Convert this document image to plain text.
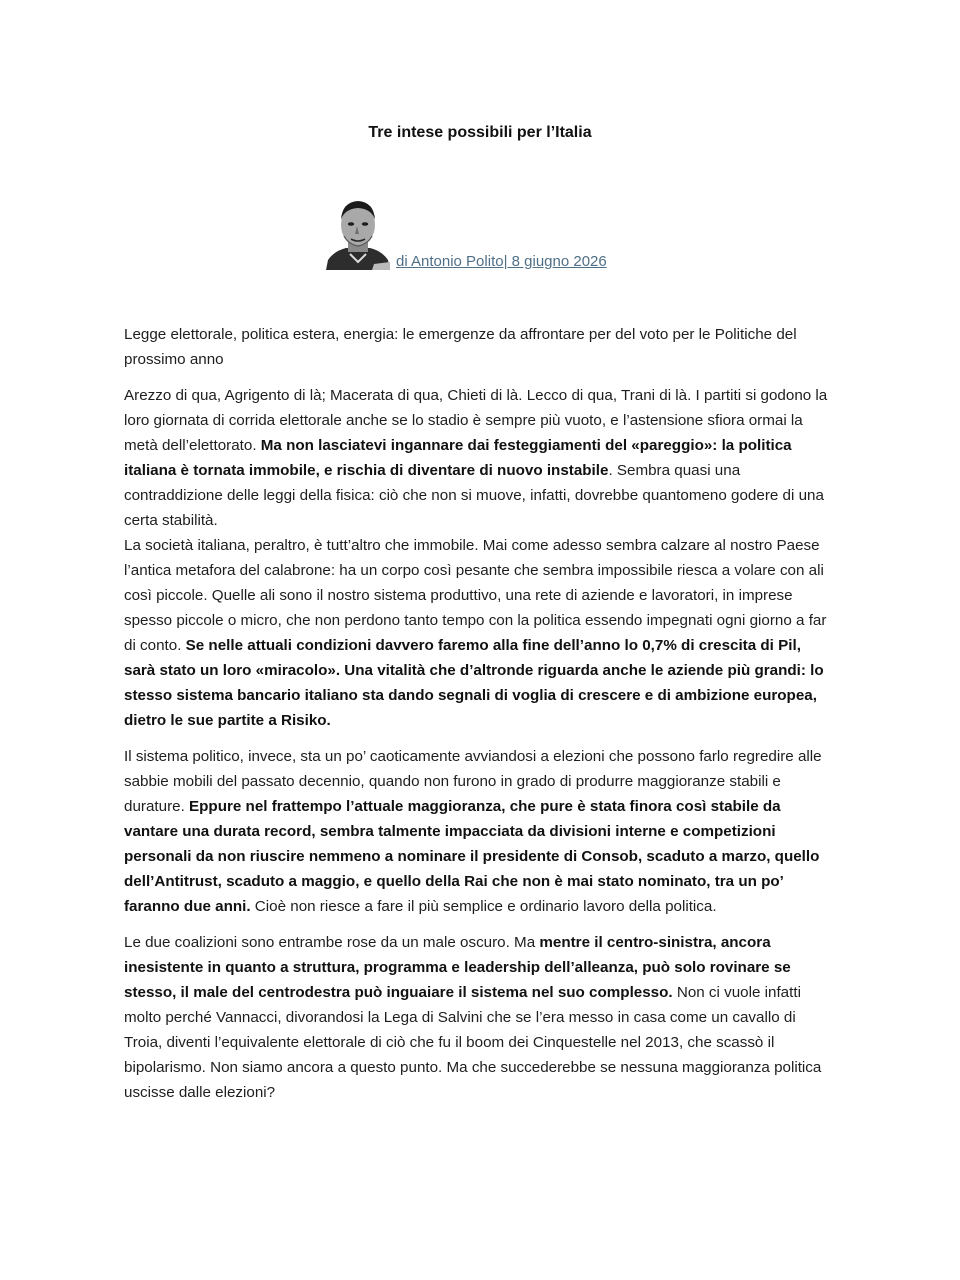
Tre intese possibili per l’Italia
di Antonio Polito| 8 giugno 2026

Legge elettorale, politica estera, energia: le emergenze da affrontare per del voto per le Politiche del prossimo anno

Arezzo di qua, Agrigento di là; Macerata di qua, Chieti di là. Lecco di qua, Trani di là. I partiti si godono la loro giornata di corrida elettorale anche se lo stadio è sempre più vuoto, e l’astensione sfiora ormai la metà dell’elettorato. Ma non lasciatevi ingannare dai festeggiamenti del «pareggio»: la politica italiana è tornata immobile, e rischia di diventare di nuovo instabile. Sembra quasi una contraddizione delle leggi della fisica: ciò che non si muove, infatti, dovrebbe quantomeno godere di una certa stabilità.

La società italiana, peraltro, è tutt’altro che immobile. Mai come adesso sembra calzare al nostro Paese l’antica metafora del calabrone: ha un corpo così pesante che sembra impossibile riesca a volare con ali così piccole. Quelle ali sono il nostro sistema produttivo, una rete di aziende e lavoratori, in imprese spesso piccole o micro, che non perdono tanto tempo con la politica essendo impegnati ogni giorno a far di conto. Se nelle attuali condizioni davvero faremo alla fine dell’anno lo 0,7% di crescita di Pil, sarà stato un loro «miracolo». Una vitalità che d’altronde riguarda anche le aziende più grandi: lo stesso sistema bancario italiano sta dando segnali di voglia di crescere e di ambizione europea, dietro le sue partite a Risiko.

Il sistema politico, invece, sta un po’ caoticamente avviandosi a elezioni che possono farlo regredire alle sabbie mobili del passato decennio, quando non furono in grado di produrre maggioranze stabili e durature. Eppure nel frattempo l’attuale maggioranza, che pure è stata finora così stabile da vantare una durata record, sembra talmente impacciata da divisioni interne e competizioni personali da non riuscire nemmeno a nominare il presidente di Consob, scaduto a marzo, quello dell’Antitrust, scaduto a maggio, e quello della Rai che non è mai stato nominato, tra un po’ faranno due anni. Cioè non riesce a fare il più semplice e ordinario lavoro della politica.

Le due coalizioni sono entrambe rose da un male oscuro. Ma mentre il centro-sinistra, ancora inesistente in quanto a struttura, programma e leadership dell’alleanza, può solo rovinare se stesso, il male del centrodestra può inguaiare il sistema nel suo complesso. Non ci vuole infatti molto perché Vannacci, divorandosi la Lega di Salvini che se l’era messo in casa come un cavallo di Troia, diventi l’equivalente elettorale di ciò che fu il boom dei Cinquestelle nel 2013, che scassò il bipolarismo. Non siamo ancora a questo punto. Ma che succederebbe se nessuna maggioranza politica uscisse dalle elezioni?
